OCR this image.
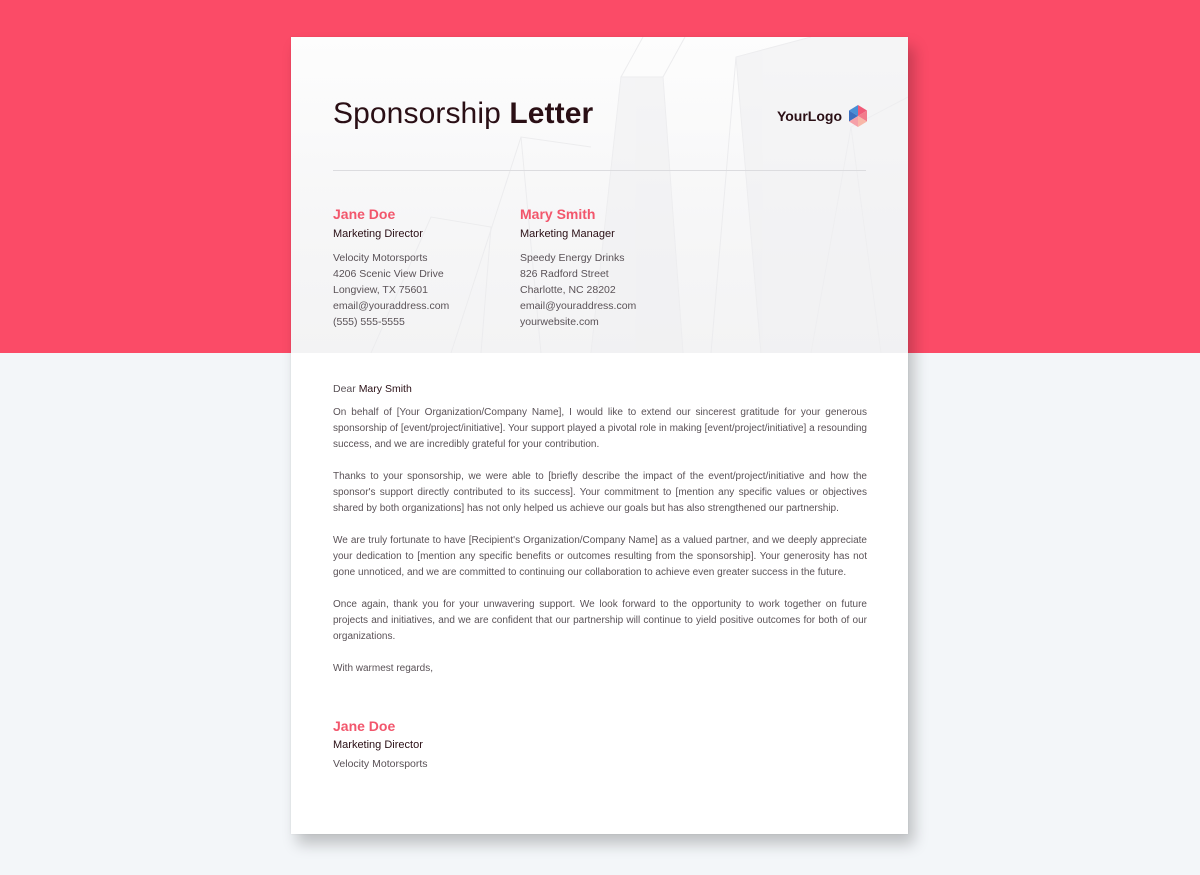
Sponsorship Letter	YourLogo
Jane Doe
Marketing Director
Velocity Motorsports
4206 Scenic View Drive
Longview, TX 75601
email@youraddress.com
(555) 555-5555
Mary Smith
Marketing Manager
Speedy Energy Drinks
826 Radford Street
Charlotte, NC 28202
email@youraddress.com
yourwebsite.com
Dear Mary Smith

On behalf of [Your Organization/Company Name], I would like to extend our sincerest gratitude for your generous sponsorship of [event/project/initiative]. Your support played a pivotal role in making [event/project/initiative] a resounding success, and we are incredibly grateful for your contribution.

Thanks to your sponsorship, we were able to [briefly describe the impact of the event/project/initiative and how the sponsor's support directly contributed to its success]. Your commitment to [mention any specific values or objectives shared by both organizations] has not only helped us achieve our goals but has also strengthened our partnership.

We are truly fortunate to have [Recipient's Organization/Company Name] as a valued partner, and we deeply appreciate your dedication to [mention any specific benefits or outcomes resulting from the sponsorship]. Your generosity has not gone unnoticed, and we are committed to continuing our collaboration to achieve even greater success in the future.

Once again, thank you for your unwavering support. We look forward to the opportunity to work together on future projects and initiatives, and we are confident that our partnership will continue to yield positive outcomes for both of our organizations.

With warmest regards,
Jane Doe
Marketing Director
Velocity Motorsports
